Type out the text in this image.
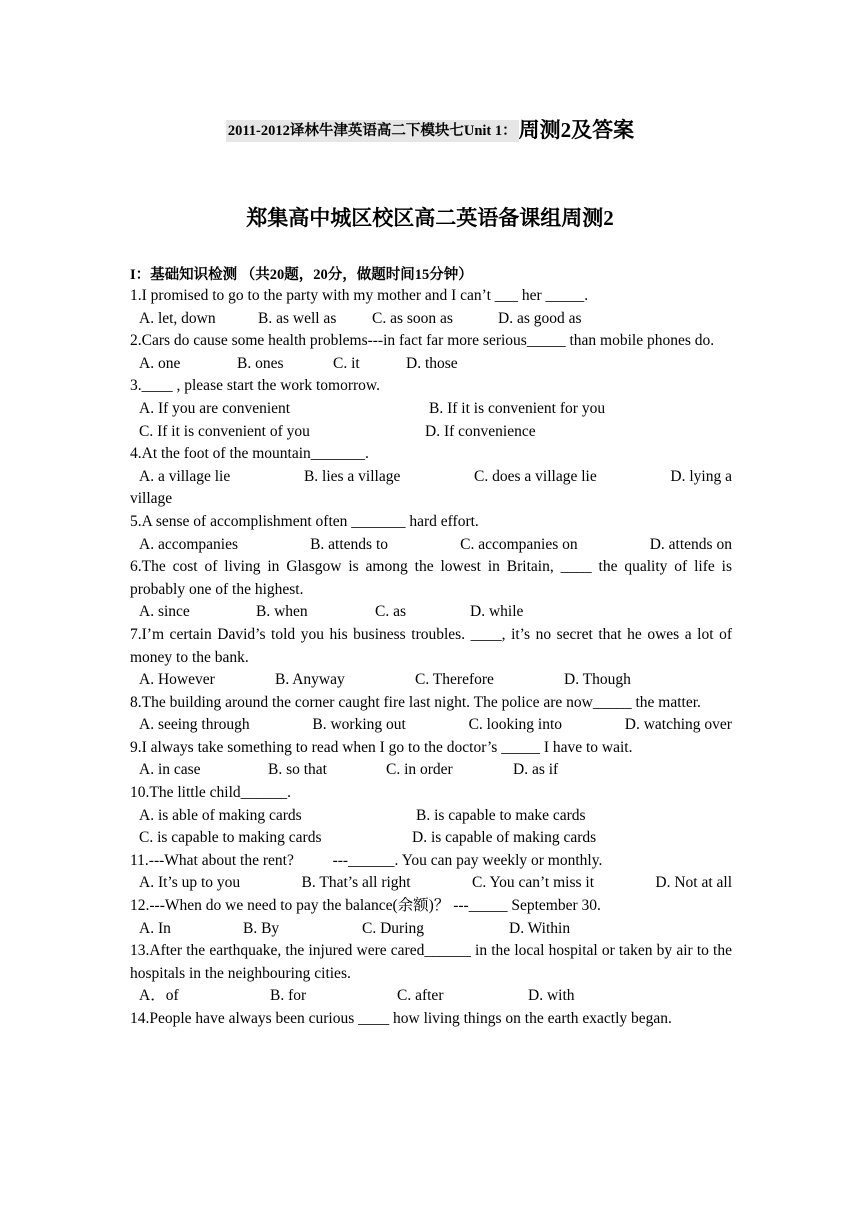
2011-2012译林牛津英语高二下模块七Unit 1：周测2及答案
郑集高中城区校区高二英语备课组周测2
I：基础知识检测 （共20题，20分，做题时间15分钟）
1.I promised to go to the party with my mother and I can’t ___ her _____.
A. let, down	B. as well as	C. as soon as	D. as good as
2.Cars do cause some health problems---in fact far more serious_____ than mobile phones do.
A. one	B. ones	C. it	D. those
3.____ , please start the work tomorrow.
A. If you are convenient	B. If it is convenient for you
C. If it is convenient of you	D. If convenience
4.At the foot of the mountain_______.
A. a village lie	B. lies a village	C. does a village lie	D. lying a
village
5.A sense of accomplishment often _______ hard effort.
A. accompanies	B. attends to	C. accompanies on	D. attends on
6.The cost of living in Glasgow is among the lowest in Britain, ____ the quality of life is probably one of the highest.
A. since	B. when	C. as	D. while
7.I’m certain David’s told you his business troubles. ____, it’s no secret that he owes a lot of money to the bank.
A. However	B. Anyway	C. Therefore	D. Though
8.The building around the corner caught fire last night. The police are now_____ the matter.
A. seeing through	B. working out	C. looking into	D. watching over
9.I always take something to read when I go to the doctor’s _____ I have to wait.
A. in case	B. so that	C. in order	D. as if
10.The little child______.
A. is able of making cards	B. is capable to make cards
C. is capable to making cards	D. is capable of making cards
11.---What about the rent?          ---______. You can pay weekly or monthly.
A. It’s up to you	B. That’s all right	C. You can’t miss it	D. Not at all
12.---When do we need to pay the balance(余额)？ ---_____ September 30.
A. In	B. By	C. During	D. Within
13.After the earthquake, the injured were cared______ in the local hospital or taken by air to the hospitals in the neighbouring cities.
A．of	B. for	C. after	D. with
14.People have always been curious ____ how living things on the earth exactly began.
